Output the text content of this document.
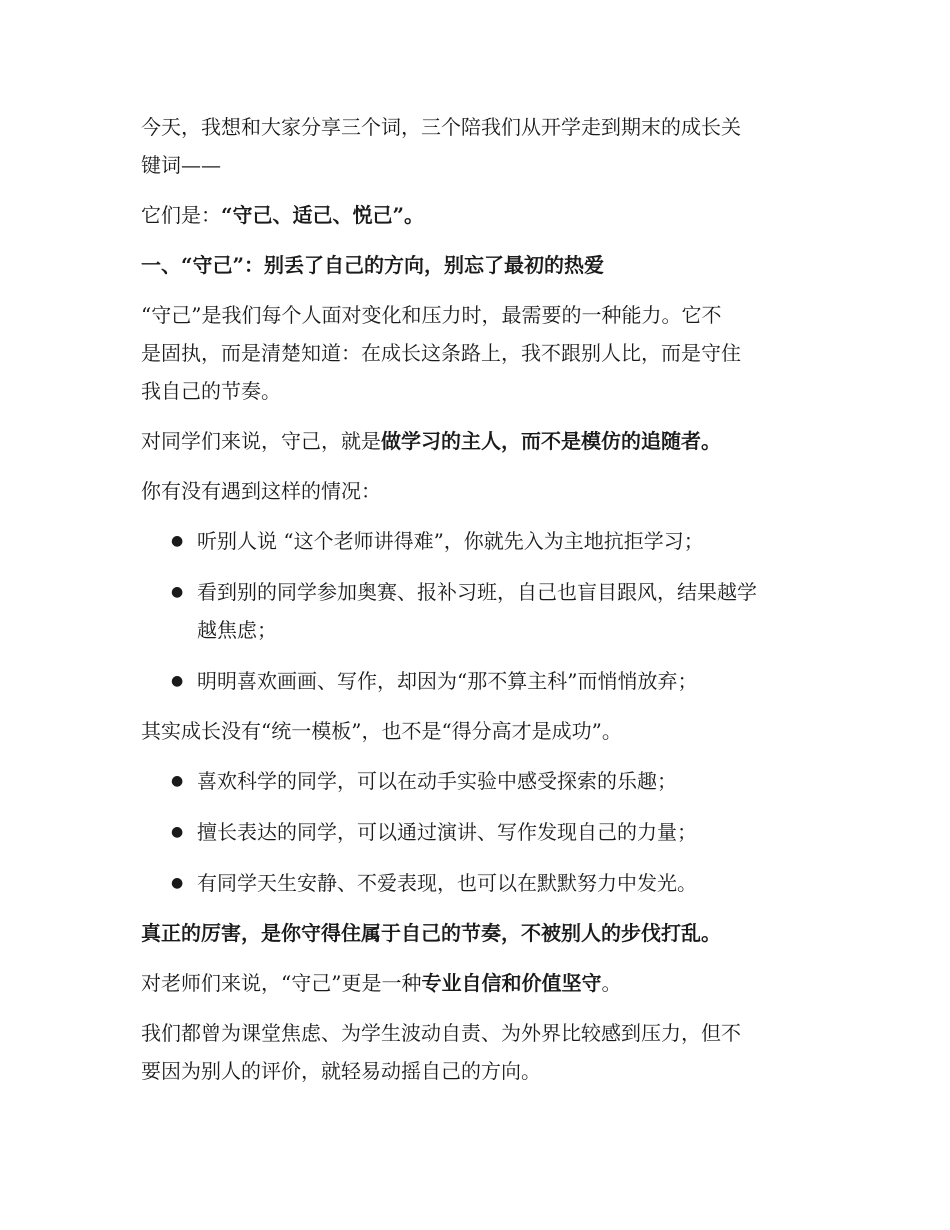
今天，我想和大家分享三个词，三个陪我们从开学走到期末的成长关
键词——

它们是：“守己、适己、悦己”。

一、“守己”：别丢了自己的方向，别忘了最初的热爱

“守己”是我们每个人面对变化和压力时，最需要的一种能力。它不
是固执，而是清楚知道：在成长这条路上，我不跟别人比，而是守住
我自己的节奏。

对同学们来说，守己，就是做学习的主人，而不是模仿的追随者。

你有没有遇到这样的情况：

● 听别人说 “这个老师讲得难”，你就先入为主地抗拒学习；
● 看到别的同学参加奥赛、报补习班，自己也盲目跟风，结果越学
越焦虑；
● 明明喜欢画画、写作，却因为“那不算主科”而悄悄放弃；

其实成长没有“统一模板”，也不是“得分高才是成功”。

● 喜欢科学的同学，可以在动手实验中感受探索的乐趣；
● 擅长表达的同学，可以通过演讲、写作发现自己的力量；
● 有同学天生安静、不爱表现，也可以在默默努力中发光。

真正的厉害，是你守得住属于自己的节奏，不被别人的步伐打乱。

对老师们来说，“守己”更是一种专业自信和价值坚守。

我们都曾为课堂焦虑、为学生波动自责、为外界比较感到压力，但不
要因为别人的评价，就轻易动摇自己的方向。
